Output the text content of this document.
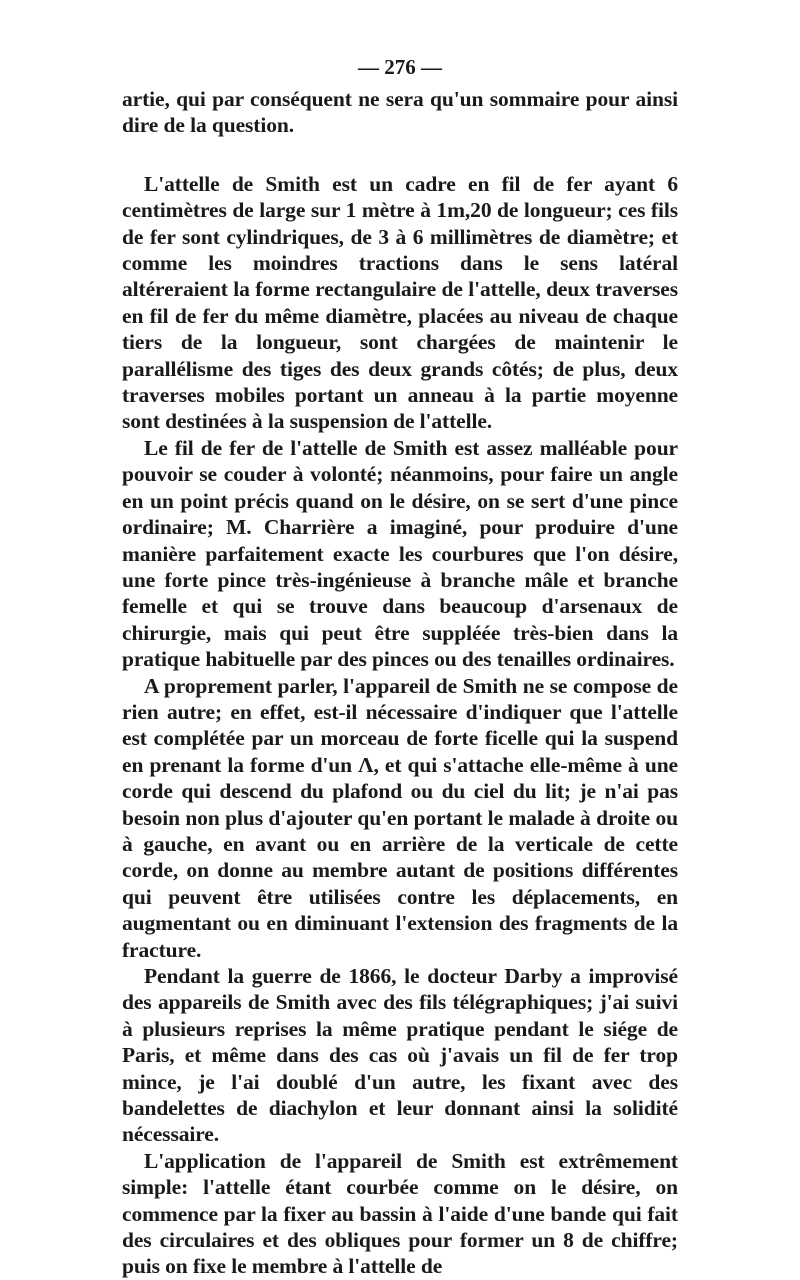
— 276 —

artie, qui par conséquent ne sera qu'un sommaire pour ainsi dire de la question.

L'attelle de Smith est un cadre en fil de fer ayant 6 centimètres de large sur 1 mètre à 1m,20 de longueur; ces fils de fer sont cylindriques, de 3 à 6 millimètres de diamètre; et comme les moindres tractions dans le sens latéral altéreraient la forme rectangulaire de l'attelle, deux traverses en fil de fer du même diamètre, placées au niveau de chaque tiers de la longueur, sont chargées de maintenir le parallélisme des tiges des deux grands côtés; de plus, deux traverses mobiles portant un anneau à la partie moyenne sont destinées à la suspension de l'attelle.

Le fil de fer de l'attelle de Smith est assez malléable pour pouvoir se couder à volonté; néanmoins, pour faire un angle en un point précis quand on le désire, on se sert d'une pince ordinaire; M. Charrière a imaginé, pour produire d'une manière parfaitement exacte les courbures que l'on désire, une forte pince très-ingénieuse à branche mâle et branche femelle et qui se trouve dans beaucoup d'arsenaux de chirurgie, mais qui peut être suppléée très-bien dans la pratique habituelle par des pinces ou des tenailles ordinaires.

A proprement parler, l'appareil de Smith ne se compose de rien autre; en effet, est-il nécessaire d'indiquer que l'attelle est complétée par un morceau de forte ficelle qui la suspend en prenant la forme d'un Λ, et qui s'attache elle-même à une corde qui descend du plafond ou du ciel du lit; je n'ai pas besoin non plus d'ajouter qu'en portant le malade à droite ou à gauche, en avant ou en arrière de la verticale de cette corde, on donne au membre autant de positions différentes qui peuvent être utilisées contre les déplacements, en augmentant ou en diminuant l'extension des fragments de la fracture.

Pendant la guerre de 1866, le docteur Darby a improvisé des appareils de Smith avec des fils télégraphiques; j'ai suivi à plusieurs reprises la même pratique pendant le siége de Paris, et même dans des cas où j'avais un fil de fer trop mince, je l'ai doublé d'un autre, les fixant avec des bandelettes de diachylon et leur donnant ainsi la solidité nécessaire.

L'application de l'appareil de Smith est extrêmement simple: l'attelle étant courbée comme on le désire, on commence par la fixer au bassin à l'aide d'une bande qui fait des circulaires et des obliques pour former un 8 de chiffre; puis on fixe le membre à l'attelle de
